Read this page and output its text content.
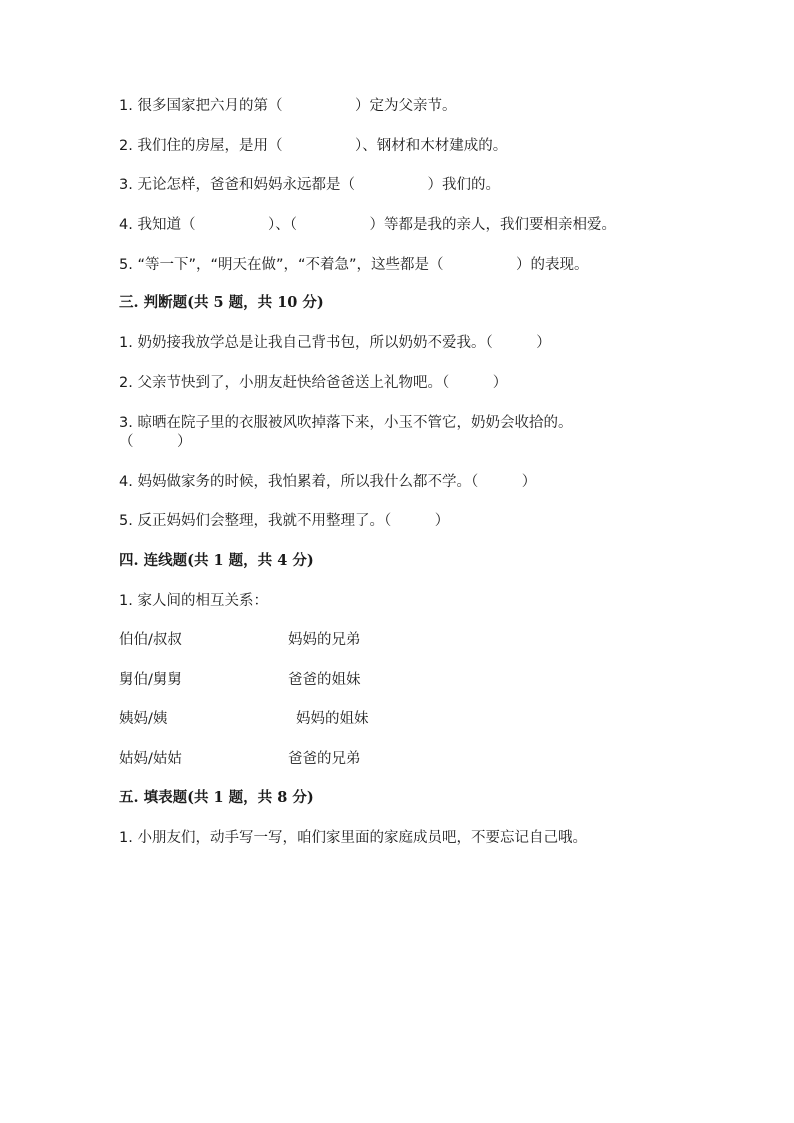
1. 很多国家把六月的第（　　　　　）定为父亲节。
2. 我们住的房屋，是用（　　　　　）、钢材和木材建成的。
3. 无论怎样，爸爸和妈妈永远都是（　　　　　）我们的。
4. 我知道（　　　　　）、（　　　　　）等都是我的亲人，我们要相亲相爱。
5. “等一下”，“明天在做”，“不着急”，这些都是（　　　　　）的表现。
三. 判断题(共 5 题，共 10 分)
1. 奶奶接我放学总是让我自己背书包，所以奶奶不爱我。（　　　）
2. 父亲节快到了，小朋友赶快给爸爸送上礼物吧。（　　　）
3. 晾晒在院子里的衣服被风吹掉落下来，小玉不管它，奶奶会收拾的。
（　　　）
4. 妈妈做家务的时候，我怕累着，所以我什么都不学。（　　　）
5. 反正妈妈们会整理，我就不用整理了。（　　　）
四. 连线题(共 1 题，共 4 分)
1. 家人间的相互关系：
伯伯/叔叔	妈妈的兄弟
舅伯/舅舅	爸爸的姐妹
姨妈/姨	妈妈的姐妹
姑妈/姑姑	爸爸的兄弟
五. 填表题(共 1 题，共 8 分)
1. 小朋友们，动手写一写，咱们家里面的家庭成员吧，不要忘记自己哦。
